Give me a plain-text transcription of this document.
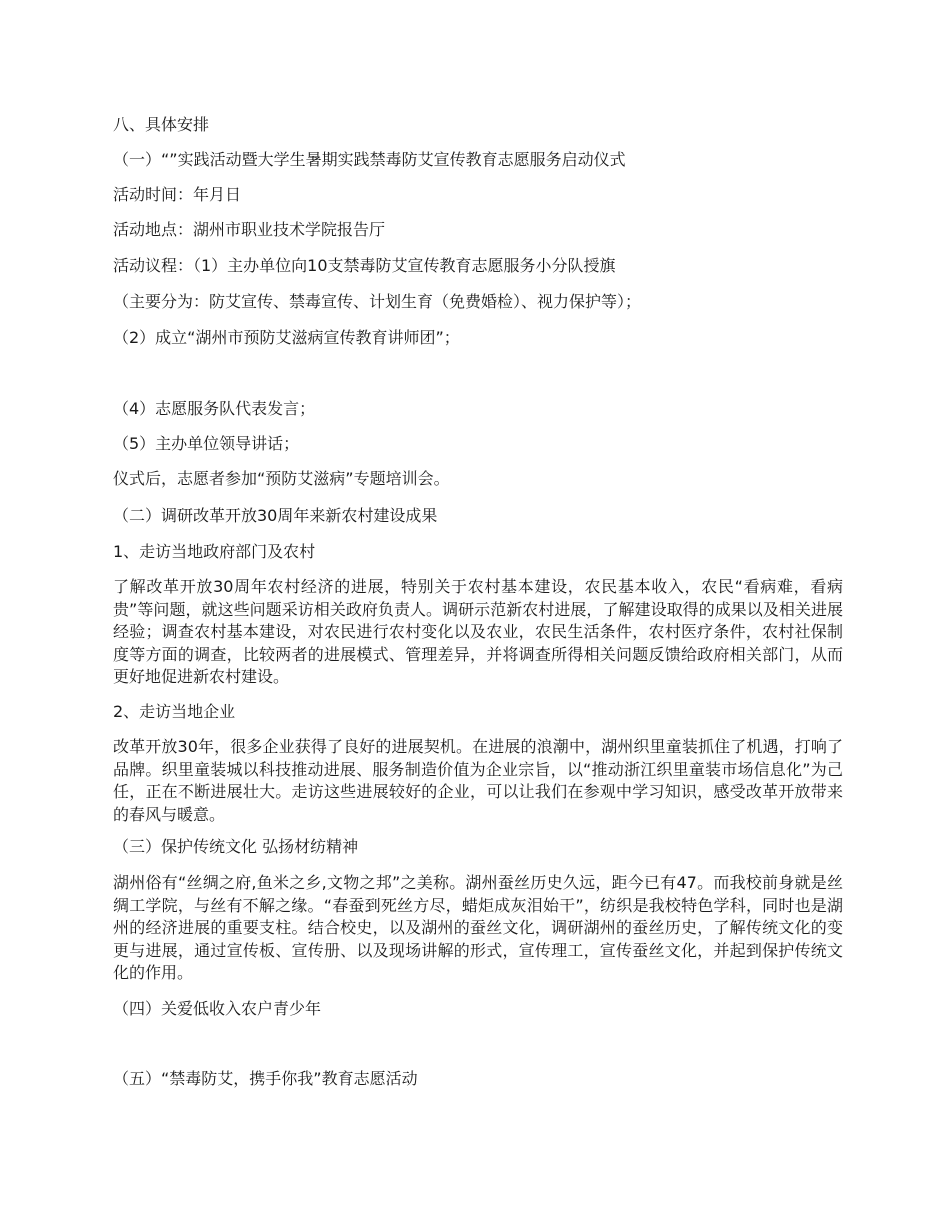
八、具体安排
（一）“”实践活动暨大学生暑期实践禁毒防艾宣传教育志愿服务启动仪式
活动时间：年月日
活动地点：湖州市职业技术学院报告厅
活动议程：（1）主办单位向10支禁毒防艾宣传教育志愿服务小分队授旗
（主要分为：防艾宣传、禁毒宣传、计划生育（免费婚检）、视力保护等）；
（2）成立“湖州市预防艾滋病宣传教育讲师团”；
（4）志愿服务队代表发言；
（5）主办单位领导讲话；
仪式后，志愿者参加“预防艾滋病”专题培训会。
（二）调研改革开放30周年来新农村建设成果
1、走访当地政府部门及农村
了解改革开放30周年农村经济的进展，特别关于农村基本建设，农民基本收入，农民“看病难，看病贵”等问题，就这些问题采访相关政府负责人。调研示范新农村进展，了解建设取得的成果以及相关进展经验；调查农村基本建设，对农民进行农村变化以及农业，农民生活条件，农村医疗条件，农村社保制度等方面的调查，比较两者的进展模式、管理差异，并将调查所得相关问题反馈给政府相关部门，从而更好地促进新农村建设。
2、走访当地企业
改革开放30年，很多企业获得了良好的进展契机。在进展的浪潮中，湖州织里童装抓住了机遇，打响了品牌。织里童装城以科技推动进展、服务制造价值为企业宗旨，以“推动浙江织里童装市场信息化”为己任，正在不断进展壮大。走访这些进展较好的企业，可以让我们在参观中学习知识，感受改革开放带来的春风与暖意。
（三）保护传统文化 弘扬材纺精神
湖州俗有“丝绸之府,鱼米之乡,文物之邦”之美称。湖州蚕丝历史久远，距今已有47。而我校前身就是丝绸工学院，与丝有不解之缘。“春蚕到死丝方尽，蜡炬成灰泪始干”，纺织是我校特色学科，同时也是湖州的经济进展的重要支柱。结合校史，以及湖州的蚕丝文化，调研湖州的蚕丝历史，了解传统文化的变更与进展，通过宣传板、宣传册、以及现场讲解的形式，宣传理工，宣传蚕丝文化，并起到保护传统文化的作用。
（四）关爱低收入农户青少年
（五）“禁毒防艾，携手你我”教育志愿活动
